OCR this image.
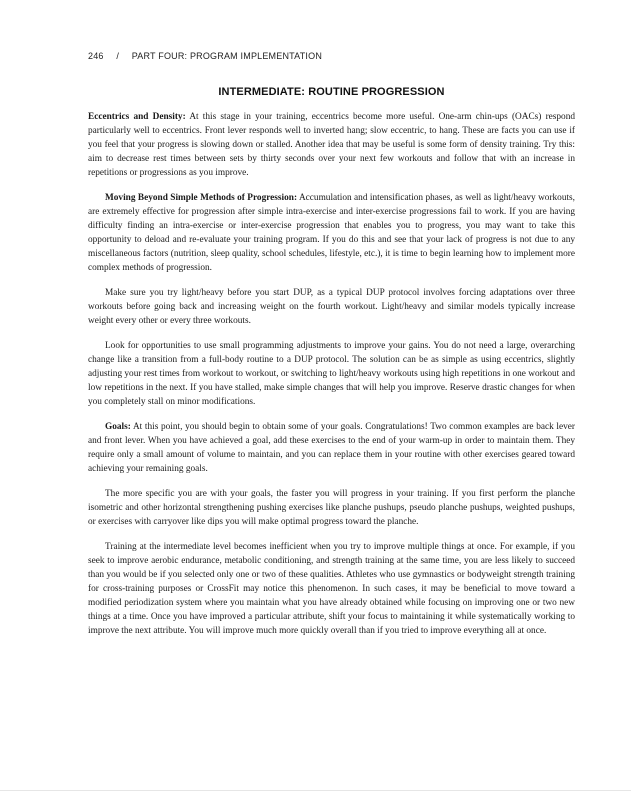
246 / PART FOUR: PROGRAM IMPLEMENTATION
INTERMEDIATE: ROUTINE PROGRESSION

Eccentrics and Density: At this stage in your training, eccentrics become more useful. One-arm chin-ups (OACs) respond particularly well to eccentrics. Front lever responds well to inverted hang; slow eccentric, to hang. These are facts you can use if you feel that your progress is slowing down or stalled. Another idea that may be useful is some form of density training. Try this: aim to decrease rest times between sets by thirty seconds over your next few workouts and follow that with an increase in repetitions or progressions as you improve.

Moving Beyond Simple Methods of Progression: Accumulation and intensification phases, as well as light/heavy workouts, are extremely effective for progression after simple intra-exercise and inter-exercise progressions fail to work. If you are having difficulty finding an intra-exercise or inter-exercise progression that enables you to progress, you may want to take this opportunity to deload and re-evaluate your training program. If you do this and see that your lack of progress is not due to any miscellaneous factors (nutrition, sleep quality, school schedules, lifestyle, etc.), it is time to begin learning how to implement more complex methods of progression.

Make sure you try light/heavy before you start DUP, as a typical DUP protocol involves forcing adaptations over three workouts before going back and increasing weight on the fourth workout. Light/heavy and similar models typically increase weight every other or every three workouts.

Look for opportunities to use small programming adjustments to improve your gains. You do not need a large, overarching change like a transition from a full-body routine to a DUP protocol. The solution can be as simple as using eccentrics, slightly adjusting your rest times from workout to workout, or switching to light/heavy workouts using high repetitions in one workout and low repetitions in the next. If you have stalled, make simple changes that will help you improve. Reserve drastic changes for when you completely stall on minor modifications.

Goals: At this point, you should begin to obtain some of your goals. Congratulations! Two common examples are back lever and front lever. When you have achieved a goal, add these exercises to the end of your warm-up in order to maintain them. They require only a small amount of volume to maintain, and you can replace them in your routine with other exercises geared toward achieving your remaining goals.

The more specific you are with your goals, the faster you will progress in your training. If you first perform the planche isometric and other horizontal strengthening pushing exercises like planche pushups, pseudo planche pushups, weighted pushups, or exercises with carryover like dips you will make optimal progress toward the planche.

Training at the intermediate level becomes inefficient when you try to improve multiple things at once. For example, if you seek to improve aerobic endurance, metabolic conditioning, and strength training at the same time, you are less likely to succeed than you would be if you selected only one or two of these qualities. Athletes who use gymnastics or bodyweight strength training for cross-training purposes or CrossFit may notice this phenomenon. In such cases, it may be beneficial to move toward a modified periodization system where you maintain what you have already obtained while focusing on improving one or two new things at a time. Once you have improved a particular attribute, shift your focus to maintaining it while systematically working to improve the next attribute. You will improve much more quickly overall than if you tried to improve everything all at once.
